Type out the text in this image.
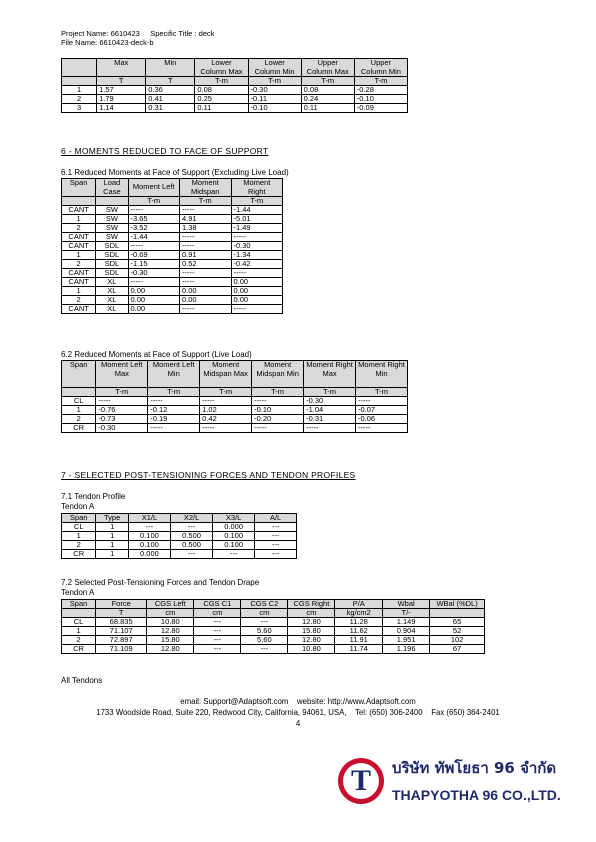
Project Name: 6610423     Specific Title : deck
File Name: 6610423-deck-b
	Max	Min	Lower Column Max	Lower Column Min	Upper Column Max	Upper Column Min
	T	T	T-m	T-m	T-m	T-m
1	1.57	0.36	0.08	-0.30	0.08	-0.28
2	1.79	0.41	0.25	-0.11	0.24	-0.10
3	1.14	0.31	0.11	-0.10	0.11	-0.09
6 - MOMENTS REDUCED TO FACE OF SUPPORT
6.1 Reduced Moments at Face of Support (Excluding Live Load)
Span	Load Case	Moment Left	Moment Midspan	Moment Right
		T-m	T-m	T-m
CANT	SW	-----	-----	-1.44
1	SW	-3.65	4.91	-5.01
2	SW	-3.52	1.38	-1.49
CANT	SW	-1.44	-----	-----
CANT	SDL	-----	-----	-0.30
1	SDL	-0.69	0.91	-1.34
2	SDL	-1.15	0.52	-0.42
CANT	SDL	-0.30	-----	-----
CANT	XL	-----	-----	0.00
1	XL	0.00	0.00	0.00
2	XL	0.00	0.00	0.00
CANT	XL	0.00	-----	-----
6.2 Reduced Moments at Face of Support (Live Load)
Span	Moment Left Max	Moment Left Min	Moment Midspan Max	Moment Midspan Min	Moment Right Max	Moment Right Min
	T-m	T-m	T-m	T-m	T-m	T-m
CL	-----	-----	-----	-----	-0.30	-----
1	-0.76	-0.12	1.02	-0.10	-1.04	-0.07
2	-0.73	-0.19	0.42	-0.20	-0.31	-0.06
CR	-0.30	-----	-----	-----	-----	-----
7 - SELECTED POST-TENSIONING FORCES AND TENDON PROFILES
7.1 Tendon Profile
Tendon A
Span	Type	X1/L	X2/L	X3/L	A/L
CL	1	---	---	0.000	---
1	1	0.100	0.500	0.100	---
2	1	0.100	0.500	0.100	---
CR	1	0.000	---	---	---
7.2 Selected Post-Tensioning Forces and Tendon Drape
Tendon A
Span	Force	CGS Left	CGS C1	CGS C2	CGS Right	P/A	Wbal	WBal (%DL)
	T	cm	cm	cm	cm	kg/cm2	T/-	
CL	68.835	10.80	---	---	12.80	11.28	1.149	65
1	71.107	12.80	---	5.60	15.80	11.62	0.904	52
2	72.897	15.80	---	5.60	12.80	11.91	1.951	102
CR	71.109	12.80	---	---	10.80	11.74	1.196	67
All Tendons
email: Support@Adaptsoft.com    website: http://www.Adaptsoft.com
1733 Woodside Road, Suite 220, Redwood City, California, 94061, USA,    Tel: (650) 306-2400    Fax (650) 364-2401
4
T	บริษัท ทัพโยธา 96 จำกัด
THAPYOTHA 96 CO.,LTD.
